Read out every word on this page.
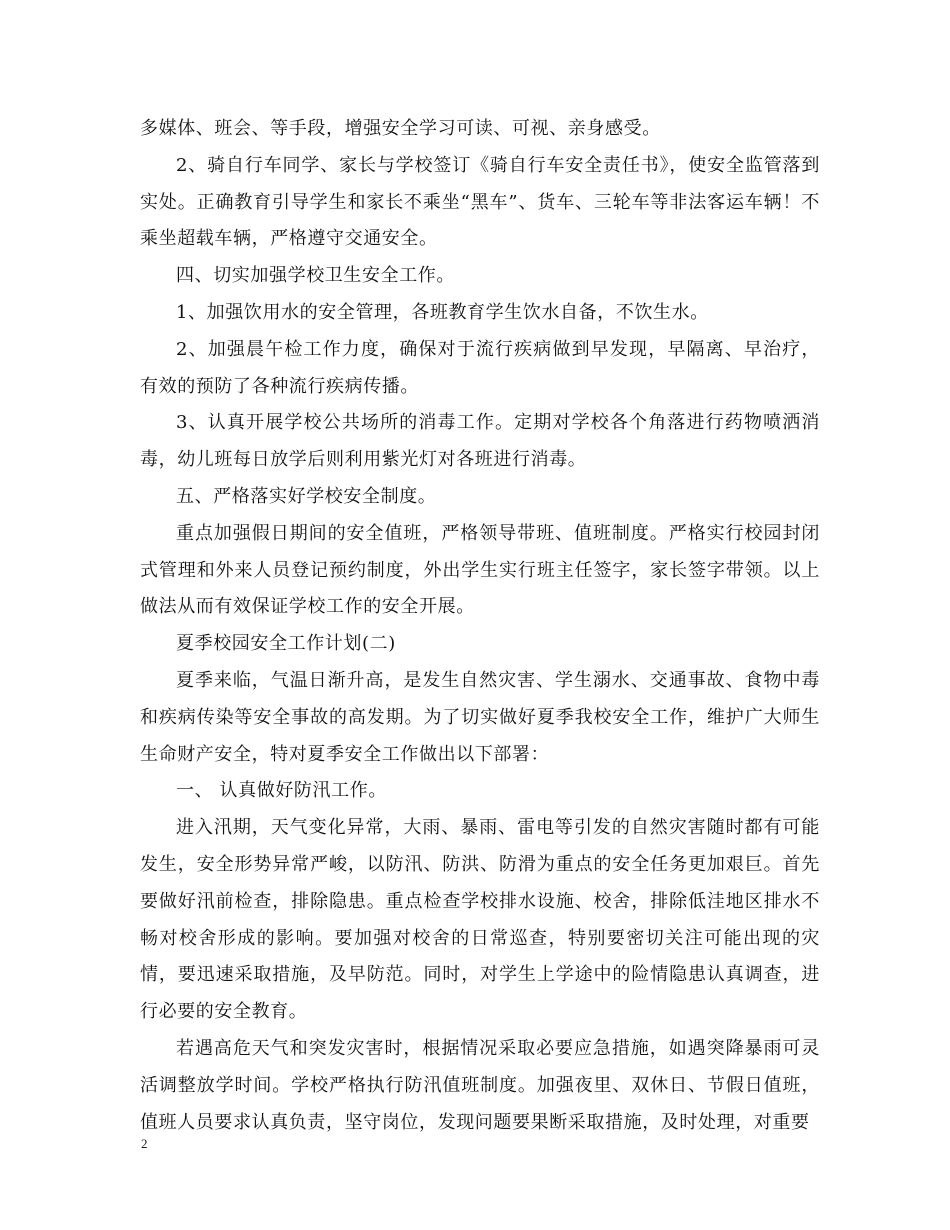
多媒体、班会、等手段，增强安全学习可读、可视、亲身感受。

2、骑自行车同学、家长与学校签订《骑自行车安全责任书》，使安全监管落到实处。正确教育引导学生和家长不乘坐“黑车”、货车、三轮车等非法客运车辆！不乘坐超载车辆，严格遵守交通安全。

四、切实加强学校卫生安全工作。

1、加强饮用水的安全管理，各班教育学生饮水自备，不饮生水。

2、加强晨午检工作力度，确保对于流行疾病做到早发现，早隔离、早治疗，有效的预防了各种流行疾病传播。

3、认真开展学校公共场所的消毒工作。定期对学校各个角落进行药物喷洒消毒，幼儿班每日放学后则利用紫光灯对各班进行消毒。

五、严格落实好学校安全制度。

重点加强假日期间的安全值班，严格领导带班、值班制度。严格实行校园封闭式管理和外来人员登记预约制度，外出学生实行班主任签字，家长签字带领。以上做法从而有效保证学校工作的安全开展。

夏季校园安全工作计划(二)

夏季来临，气温日渐升高，是发生自然灾害、学生溺水、交通事故、食物中毒和疾病传染等安全事故的高发期。为了切实做好夏季我校安全工作，维护广大师生生命财产安全，特对夏季安全工作做出以下部署：

一、 认真做好防汛工作。

进入汛期，天气变化异常，大雨、暴雨、雷电等引发的自然灾害随时都有可能发生，安全形势异常严峻，以防汛、防洪、防滑为重点的安全任务更加艰巨。首先要做好汛前检查，排除隐患。重点检查学校排水设施、校舍，排除低洼地区排水不畅对校舍形成的影响。要加强对校舍的日常巡查，特别要密切关注可能出现的灾情，要迅速采取措施，及早防范。同时，对学生上学途中的险情隐患认真调查，进行必要的安全教育。

若遇高危天气和突发灾害时，根据情况采取必要应急措施，如遇突降暴雨可灵活调整放学时间。学校严格执行防汛值班制度。加强夜里、双休日、节假日值班，值班人员要求认真负责，坚守岗位，发现问题要果断采取措施，及时处理，对重要

2
